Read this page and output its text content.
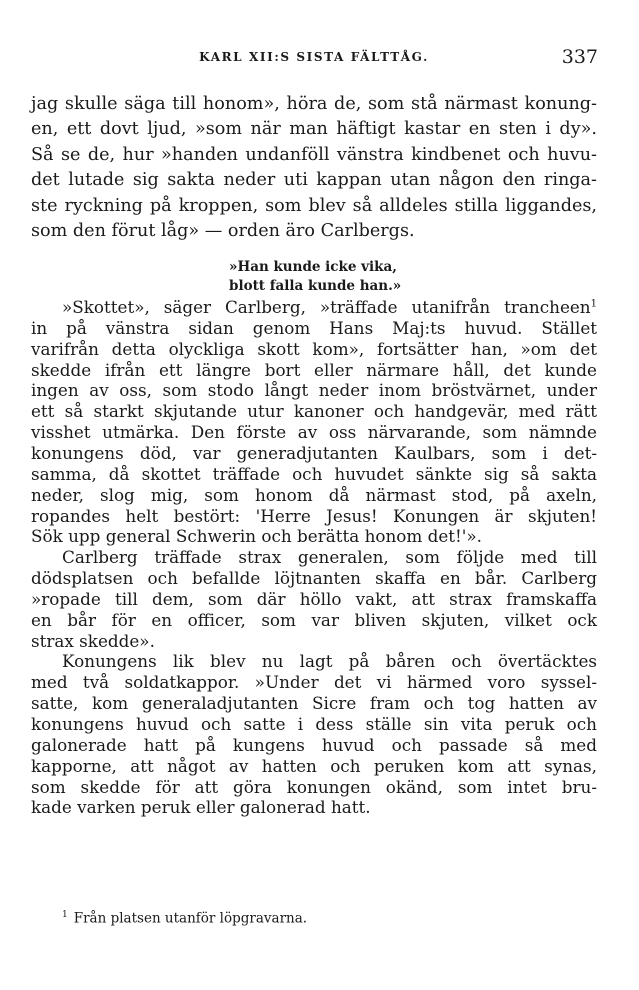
KARL XII:S SISTA FÄLTTÅG.	337
jag skulle säga till honom», höra de, som stå närmast konung-
en, ett dovt ljud, »som när man häftigt kastar en sten i dy».
Så se de, hur »handen undanföll vänstra kindbenet och huvu-
det lutade sig sakta neder uti kappan utan någon den ringa-
ste ryckning på kroppen, som blev så alldeles stilla liggandes,
som den förut låg» — orden äro Carlbergs.
»Han kunde icke vika,
blott falla kunde han.»
»Skottet», säger Carlberg, »träffade utanifrån trancheen$^1$
in på vänstra sidan genom Hans Maj:ts huvud. Stället
varifrån detta olyckliga skott kom», fortsätter han, »om det
skedde ifrån ett längre bort eller närmare håll, det kunde
ingen av oss, som stodo långt neder inom bröstvärnet, under
ett så starkt skjutande utur kanoner och handgevär, med rätt
visshet utmärka. Den förste av oss närvarande, som nämnde
konungens död, var generadjutanten Kaulbars, som i det-
samma, då skottet träffade och huvudet sänkte sig så sakta
neder, slog mig, som honom då närmast stod, på axeln,
ropandes helt bestört: 'Herre Jesus! Konungen är skjuten!
Sök upp general Schwerin och berätta honom det!'».
Carlberg träffade strax generalen, som följde med till
dödsplatsen och befallde löjtnanten skaffa en bår. Carlberg
»ropade till dem, som där höllo vakt, att strax framskaffa
en bår för en officer, som var bliven skjuten, vilket ock
strax skedde».
Konungens lik blev nu lagt på båren och övertäcktes
med två soldatkappor. »Under det vi härmed voro syssel-
satte, kom generaladjutanten Sicre fram och tog hatten av
konungens huvud och satte i dess ställe sin vita peruk och
galonerade hatt på kungens huvud och passade så med
kapporne, att något av hatten och peruken kom att synas,
som skedde för att göra konungen okänd, som intet bru-
kade varken peruk eller galonerad hatt.
$^1$ Från platsen utanför löpgravarna.
